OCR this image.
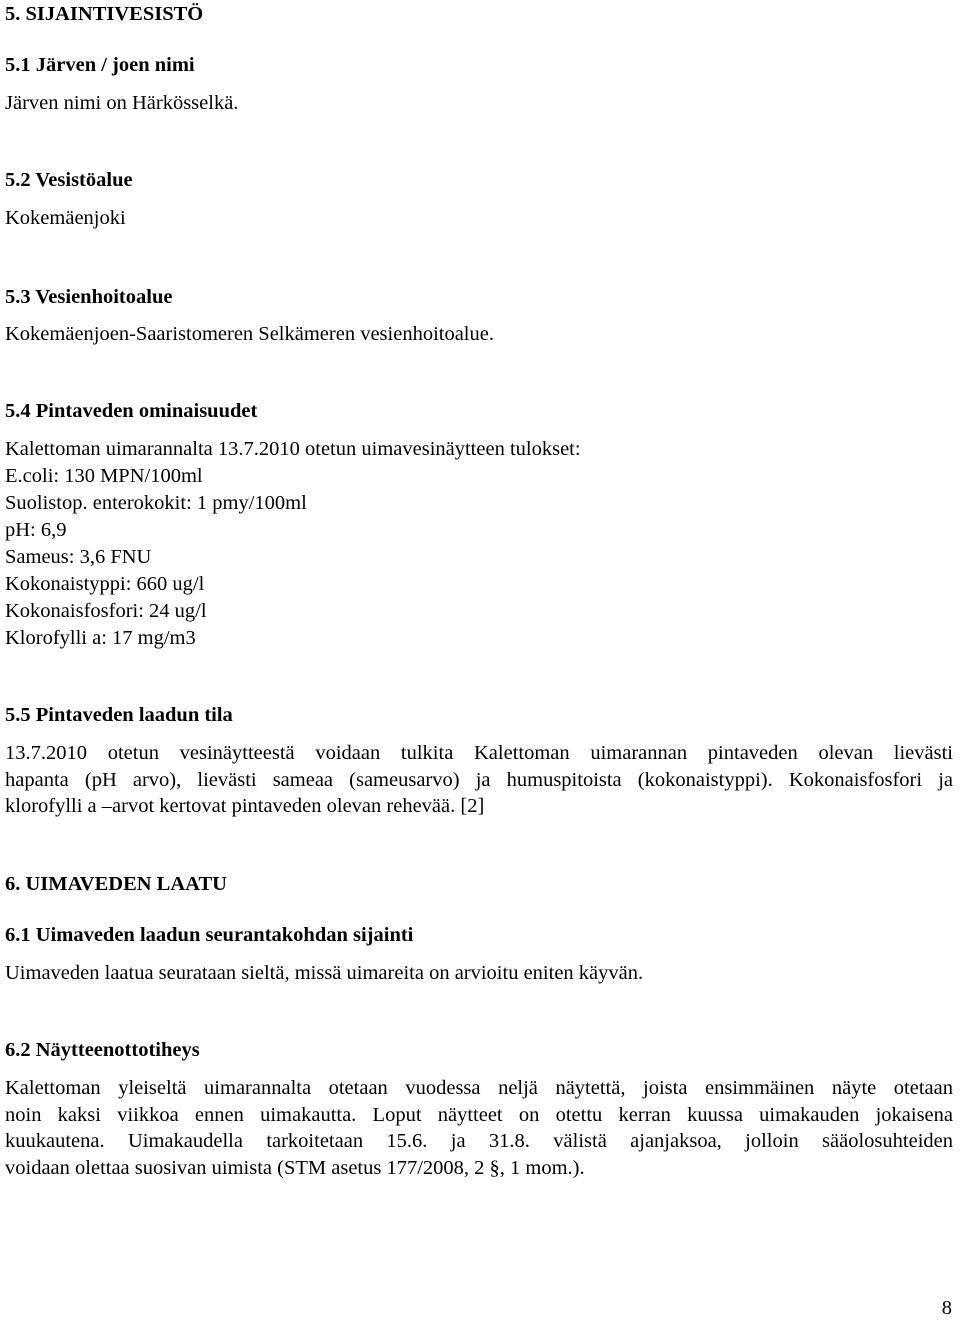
5. SIJAINTIVESISTÖ
5.1 Järven / joen nimi
Järven nimi on Härkösselkä.
5.2 Vesistöalue
Kokemäenjoki
5.3 Vesienhoitoalue
Kokemäenjoen-Saaristomeren Selkämeren vesienhoitoalue.
5.4 Pintaveden ominaisuudet
Kalettoman uimarannalta 13.7.2010 otetun uimavesinäytteen tulokset:
E.coli: 130 MPN/100ml
Suolistop. enterokokit: 1 pmy/100ml
pH: 6,9
Sameus: 3,6 FNU
Kokonaistyppi: 660 ug/l
Kokonaisfosfori: 24 ug/l
Klorofylli a: 17 mg/m3
5.5 Pintaveden laadun tila
13.7.2010 otetun vesinäytteestä voidaan tulkita Kalettoman uimarannan pintaveden olevan lievästi
hapanta (pH arvo), lievästi sameaa (sameusarvo) ja humuspitoista (kokonaistyppi). Kokonaisfosfori ja
klorofylli a –arvot kertovat pintaveden olevan rehevää. [2]
6. UIMAVEDEN LAATU
6.1 Uimaveden laadun seurantakohdan sijainti
Uimaveden laatua seurataan sieltä, missä uimareita on arvioitu eniten käyvän.
6.2 Näytteenottotiheys
Kalettoman yleiseltä uimarannalta otetaan vuodessa neljä näytettä, joista ensimmäinen näyte otetaan
noin kaksi viikkoa ennen uimakautta. Loput näytteet on otettu kerran kuussa uimakauden jokaisena
kuukautena. Uimakaudella tarkoitetaan 15.6. ja 31.8. välistä ajanjaksoa, jolloin sääolosuhteiden
voidaan olettaa suosivan uimista (STM asetus 177/2008, 2 §, 1 mom.).
8
